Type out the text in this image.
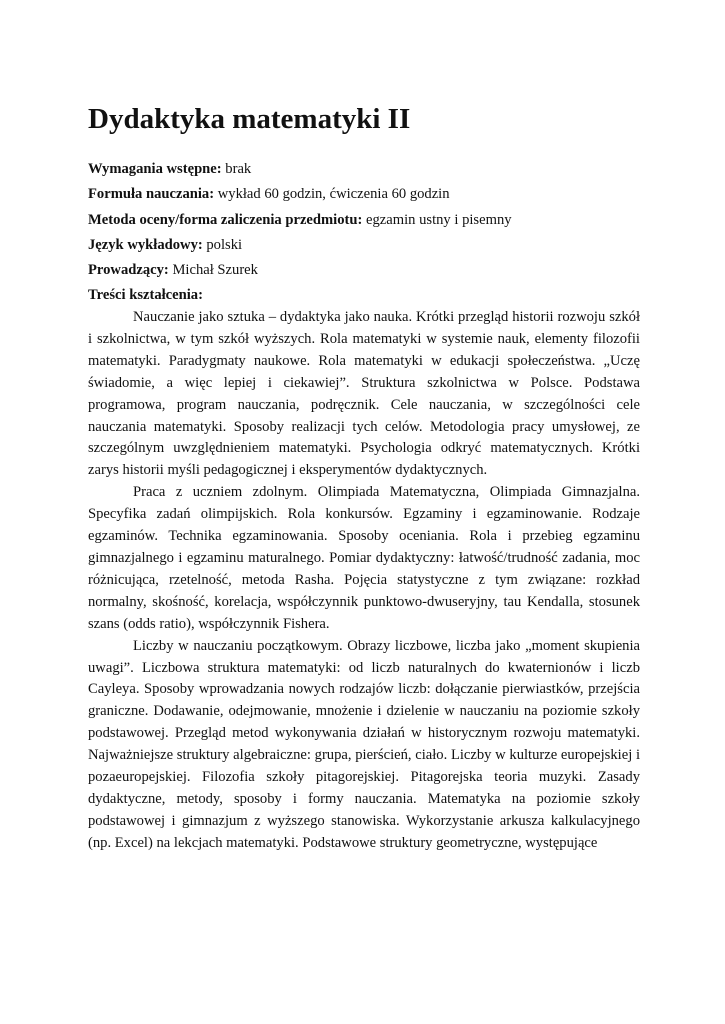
Dydaktyka matematyki II
Wymagania wstępne: brak
Formuła nauczania: wykład 60 godzin, ćwiczenia 60 godzin
Metoda oceny/forma zaliczenia przedmiotu: egzamin ustny i pisemny
Język wykładowy: polski
Prowadzący: Michał Szurek
Treści kształcenia:

Nauczanie jako sztuka – dydaktyka jako nauka. Krótki przegląd historii rozwoju szkół i szkolnictwa, w tym szkół wyższych. Rola matematyki w systemie nauk, elementy filozofii matematyki. Paradygmaty naukowe. Rola matematyki w edukacji społeczeństwa. „Uczę świadomie, a więc lepiej i ciekawiej”. Struktura szkolnictwa w Polsce. Podstawa programowa, program nauczania, podręcznik. Cele nauczania, w szczególności cele nauczania matematyki. Sposoby realizacji tych celów. Metodologia pracy umysłowej, ze szczególnym uwzględnieniem matematyki. Psychologia odkryć matematycznych. Krótki zarys historii myśli pedagogicznej i eksperymentów dydaktycznych.

Praca z uczniem zdolnym. Olimpiada Matematyczna, Olimpiada Gimnazjalna. Specyfika zadań olimpijskich. Rola konkursów. Egzaminy i egzaminowanie. Rodzaje egzaminów. Technika egzaminowania. Sposoby oceniania. Rola i przebieg egzaminu gimnazjalnego i egzaminu maturalnego. Pomiar dydaktyczny: łatwość/trudność zadania, moc różnicująca, rzetelność, metoda Rasha. Pojęcia statystyczne z tym związane: rozkład normalny, skośność, korelacja, współczynnik punktowo-dwuseryjny, tau Kendalla, stosunek szans (odds ratio), współczynnik Fishera.

Liczby w nauczaniu początkowym. Obrazy liczbowe, liczba jako „moment skupienia uwagi”. Liczbowa struktura matematyki: od liczb naturalnych do kwaternionów i liczb Cayleya. Sposoby wprowadzania nowych rodzajów liczb: dołączanie pierwiastków, przejścia graniczne. Dodawanie, odejmowanie, mnożenie i dzielenie w nauczaniu na poziomie szkoły podstawowej. Przegląd metod wykonywania działań w historycznym rozwoju matematyki. Najważniejsze struktury algebraiczne: grupa, pierścień, ciało. Liczby w kulturze europejskiej i pozaeuropejskiej. Filozofia szkoły pitagorejskiej. Pitagorejska teoria muzyki. Zasady dydaktyczne, metody, sposoby i formy nauczania. Matematyka na poziomie szkoły podstawowej i gimnazjum z wyższego stanowiska. Wykorzystanie arkusza kalkulacyjnego (np. Excel) na lekcjach matematyki. Podstawowe struktury geometryczne, występujące
